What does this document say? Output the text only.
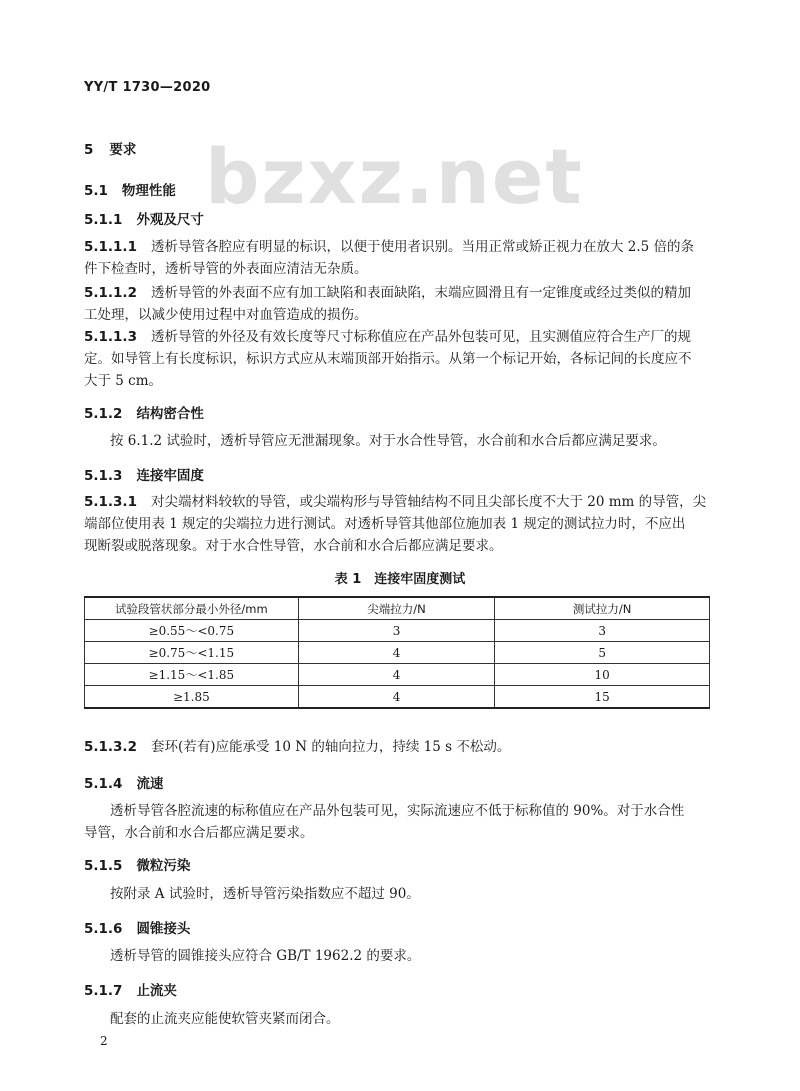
YY/T 1730—2020
bzxz.net
5 要求
5.1 物理性能
5.1.1 外观及尺寸
5.1.1.1 透析导管各腔应有明显的标识，以便于使用者识别。当用正常或矫正视力在放大 2.5 倍的条
件下检查时，透析导管的外表面应清洁无杂质。
5.1.1.2 透析导管的外表面不应有加工缺陷和表面缺陷，末端应圆滑且有一定锥度或经过类似的精加
工处理，以减少使用过程中对血管造成的损伤。
5.1.1.3 透析导管的外径及有效长度等尺寸标称值应在产品外包装可见，且实测值应符合生产厂的规
定。如导管上有长度标识，标识方式应从末端顶部开始指示。从第一个标记开始，各标记间的长度应不
大于 5 cm。
5.1.2 结构密合性
按 6.1.2 试验时，透析导管应无泄漏现象。对于水合性导管，水合前和水合后都应满足要求。
5.1.3 连接牢固度
5.1.3.1 对尖端材料较软的导管，或尖端构形与导管轴结构不同且尖部长度不大于 20 mm 的导管，尖
端部位使用表 1 规定的尖端拉力进行测试。对透析导管其他部位施加表 1 规定的测试拉力时，不应出
现断裂或脱落现象。对于水合性导管，水合前和水合后都应满足要求。
表 1　连接牢固度测试
试验段管状部分最小外径/mm	尖端拉力/N	测试拉力/N
≥0.55～<0.75	3	3
≥0.75～<1.15	4	5
≥1.15～<1.85	4	10
≥1.85	4	15
5.1.3.2 套环(若有)应能承受 10 N 的轴向拉力，持续 15 s 不松动。
5.1.4 流速
透析导管各腔流速的标称值应在产品外包装可见，实际流速应不低于标称值的 90%。对于水合性
导管，水合前和水合后都应满足要求。
5.1.5 微粒污染
按附录 A 试验时，透析导管污染指数应不超过 90。
5.1.6 圆锥接头
透析导管的圆锥接头应符合 GB/T 1962.2 的要求。
5.1.7 止流夹
配套的止流夹应能使软管夹紧而闭合。
2
